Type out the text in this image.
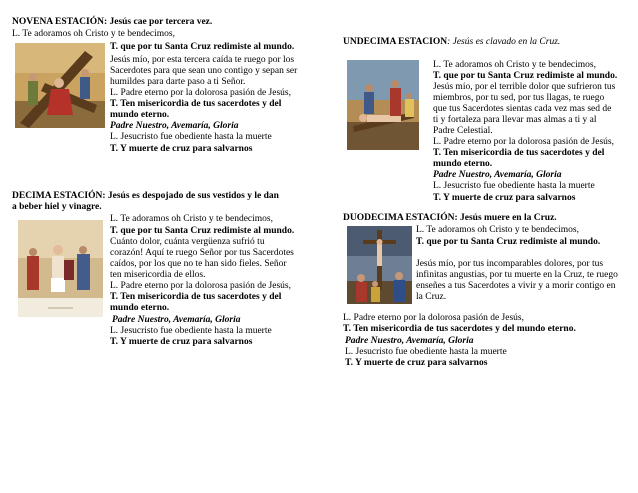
NOVENA ESTACIÓN: Jesús cae por tercera vez.
L. Te adoramos oh Cristo y te bendecimos,
T. que por tu Santa Cruz redimiste al mundo.
Jesús mío, por esta tercera caída te ruego por los
Sacerdotes para que sean uno contigo y sepan ser
humildes para darte paso a ti Señor.
L. Padre eterno por la dolorosa pasión de Jesús,
T. Ten misericordia de tus sacerdotes y del
mundo eterno.
Padre Nuestro, Avemaría, Gloria
L. Jesucristo fue obediente hasta la muerte
T. Y muerte de cruz para salvarnos
DECIMA ESTACIÓN: Jesús es despojado de sus vestidos y le dan
a beber hiel y vinagre.
L. Te adoramos oh Cristo y te bendecimos,
T. que por tu Santa Cruz redimiste al mundo.
Cuánto dolor, cuánta vergüenza sufrió tu
corazón! Aquí te ruego Señor por tus Sacerdotes
caídos, por los que no te han sido fieles. Señor
ten misericordia de ellos.
L. Padre eterno por la dolorosa pasión de Jesús,
T. Ten misericordia de tus sacerdotes y del
mundo eterno.
Padre Nuestro, Avemaría, Gloria
L. Jesucristo fue obediente hasta la muerte
T. Y muerte de cruz para salvarnos
UNDECIMA ESTACION: Jesús es clavado en la Cruz.
L. Te adoramos oh Cristo y te bendecimos,
T. que por tu Santa Cruz redimiste al mundo.
Jesús mío, por el terrible dolor que sufrieron tus
miembros, por tu sed, por tus llagas, te ruego
que tus Sacerdotes sientas cada vez mas sed de
ti y fortaleza para llevar mas almas a ti y al
Padre Celestial.
L. Padre eterno por la dolorosa pasión de Jesús,
T. Ten misericordia de tus sacerdotes y del
mundo eterno.
Padre Nuestro, Avemaría, Gloria
L. Jesucristo fue obediente hasta la muerte
T. Y muerte de cruz para salvarnos
DUODECIMA ESTACIÓN: Jesús muere en la Cruz.
L. Te adoramos oh Cristo y te bendecimos,
T. que por tu Santa Cruz redimiste al mundo.
Jesús mío, por tus incomparables dolores, por tus
infinitas angustias, por tu muerte en la Cruz, te ruego
enseñes a tus Sacerdotes a vivir y a morir contigo en
la Cruz.
L. Padre eterno por la dolorosa pasión de Jesús,
T. Ten misericordia de tus sacerdotes y del mundo eterno.
Padre Nuestro, Avemaría, Gloria
L. Jesucristo fue obediente hasta la muerte
T. Y muerte de cruz para salvarnos
